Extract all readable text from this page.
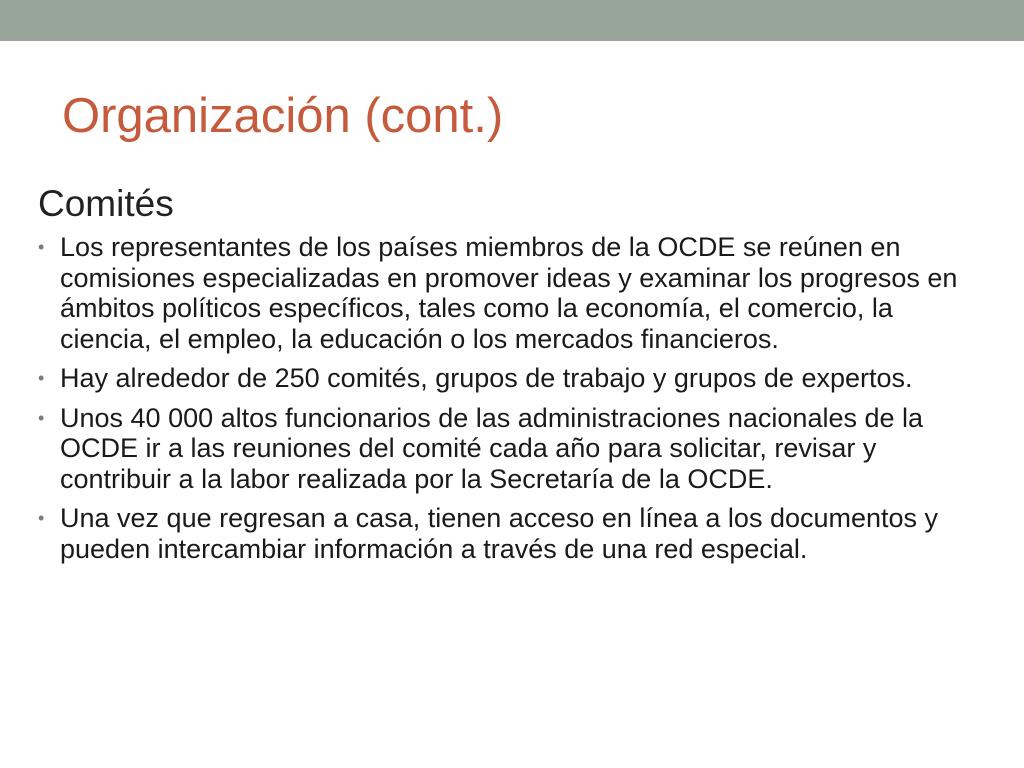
Organización (cont.)
Comités
• Los representantes de los países miembros de la OCDE se reúnen en comisiones especializadas en promover ideas y examinar los progresos en ámbitos políticos específicos, tales como la economía, el comercio, la ciencia, el empleo, la educación o los mercados financieros.
• Hay alrededor de 250 comités, grupos de trabajo y grupos de expertos.
• Unos 40 000 altos funcionarios de las administraciones nacionales de la OCDE ir a las reuniones del comité cada año para solicitar, revisar y contribuir a la labor realizada por la Secretaría de la OCDE.
• Una vez que regresan a casa, tienen acceso en línea a los documentos y pueden intercambiar información a través de una red especial.
